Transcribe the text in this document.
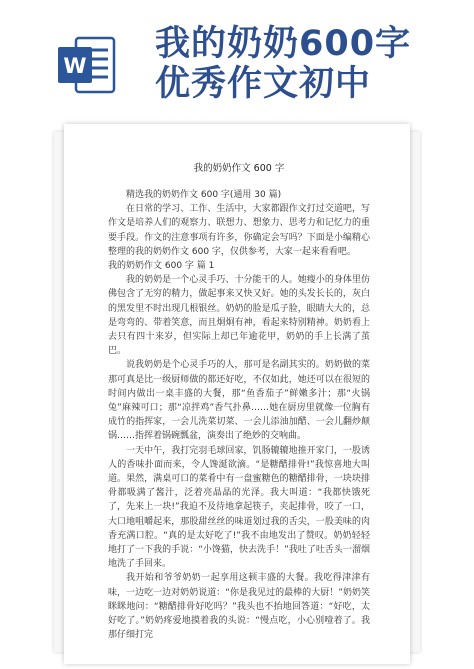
W
我的奶奶600字
优秀作文初中
我的奶奶作文 600 字

精选我的奶奶作文 600 字(通用 30 篇)

在日常的学习、工作、生活中，大家都跟作文打过交道吧，写作文是培养人们的观察力、联想力、想象力、思考力和记忆力的重要手段。作文的注意事项有许多，你确定会写吗？下面是小编精心整理的我的奶奶作文 600 字，仅供参考，大家一起来看看吧。

我的奶奶作文 600 字 篇 1

我的奶奶是一个心灵手巧、十分能干的人。她瘦小的身体里仿佛包含了无穷的精力，做起事来又快又好。她的头发长长的，灰白的黑发里不时出现几根银丝。奶奶的脸是瓜子脸，眼睛大大的，总是弯弯的、带着笑意，而且炯炯有神，看起来特别精神。奶奶看上去只有四十来岁，但实际上却已年逾花甲，奶奶的手上长满了茧巴。

说我奶奶是个心灵手巧的人，那可是名副其实的。奶奶做的菜那可真是比一级厨师做的都还好吃，不仅如此，她还可以在很短的时间内做出一桌丰盛的大餐，那“鱼香茄子”鲜嫩多汁；那“火锅兔”麻辣可口；那“凉拌鸡”香气扑鼻……她在厨房里就像一位胸有成竹的指挥家，一会儿洗菜切菜、一会儿添油加醋、一会儿翻炒颠锅……指挥着锅碗瓢盆，演奏出了绝妙的交响曲。

一天中午，我打完羽毛球回家，饥肠辘辘地推开家门，一股诱人的香味扑面而来，令人馋涎欲滴。“是糖醋排骨!”我惊喜地大叫道。果然，满桌可口的菜肴中有一盘蜜糖色的糖醋排骨，一块块排骨都吸满了酱汁，泛着亮晶晶的光泽。我大叫道：“我都快饿死了，先来上一块!”我迫不及待地拿起筷子，夹起排骨，咬了一口，大口地咀嚼起来，那股甜丝丝的味道划过我的舌尖，一股美味的肉香充满口腔。“真的是太好吃了!”我不由地发出了赞叹。奶奶轻轻地打了一下我的手说：“小馋猫，快去洗手！”我吐了吐舌头一溜烟地洗了手回来。

我开始和爷爷奶奶一起享用这顿丰盛的大餐。我吃得津津有味，一边吃一边对奶奶说道：“你是我见过的最棒的大厨！”奶奶笑眯眯地问：“糖醋排骨好吃吗？”我头也不抬地回答道：“好吃，太好吃了。”奶奶疼爱地摸着我的头说：“慢点吃，小心别噎着了。我那仔细打完
